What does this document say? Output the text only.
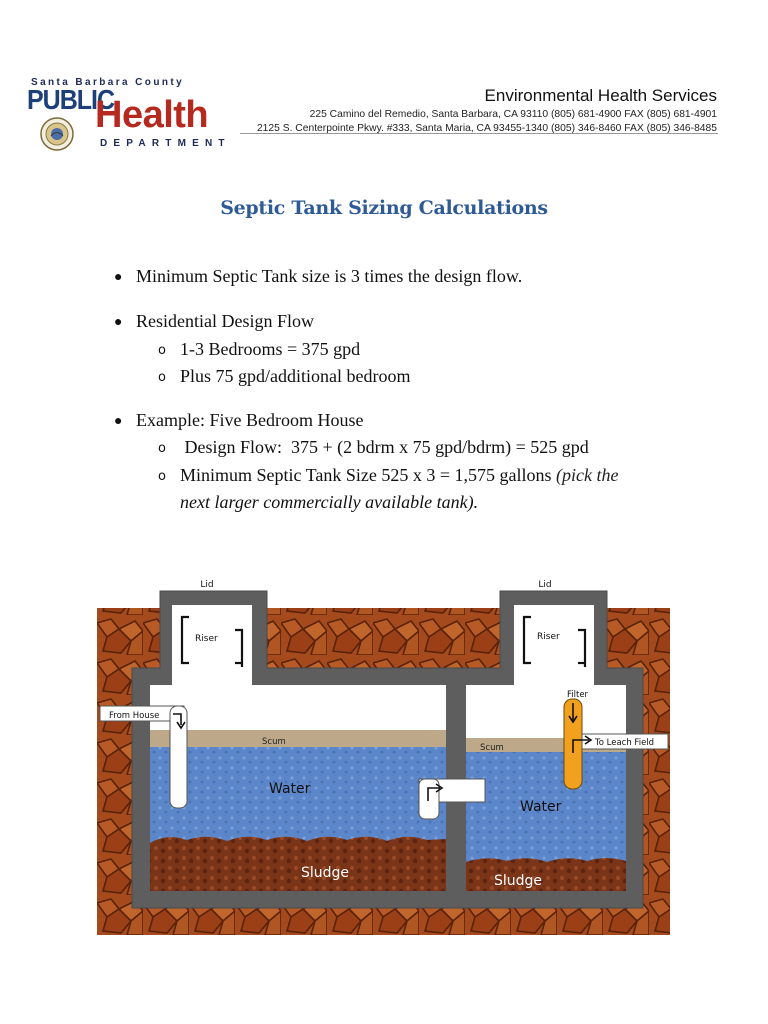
Santa Barbara County
PUBLIC
Health
DEPARTMENT
Environmental Health Services
225 Camino del Remedio, Santa Barbara, CA 93110 (805) 681-4900 FAX (805) 681-4901
2125 S. Centerpointe Pkwy. #333, Santa Maria, CA 93455-1340 (805) 346-8460 FAX (805) 346-8485
Septic Tank Sizing Calculations
● Minimum Septic Tank size is 3 times the design flow.
● Residential Design Flow
o 1-3 Bedrooms = 375 gpd
o Plus 75 gpd/additional bedroom
● Example: Five Bedroom House
o Design Flow:  375 + (2 bdrm x 75 gpd/bdrm) = 525 gpd
o Minimum Septic Tank Size 525 x 3 = 1,575 gallons (pick the
next larger commercially available tank).
Lid	Lid
Riser	Riser
From House
Filter
To Leach Field
Scum
Scum
Water
Water
Sludge	Sludge
